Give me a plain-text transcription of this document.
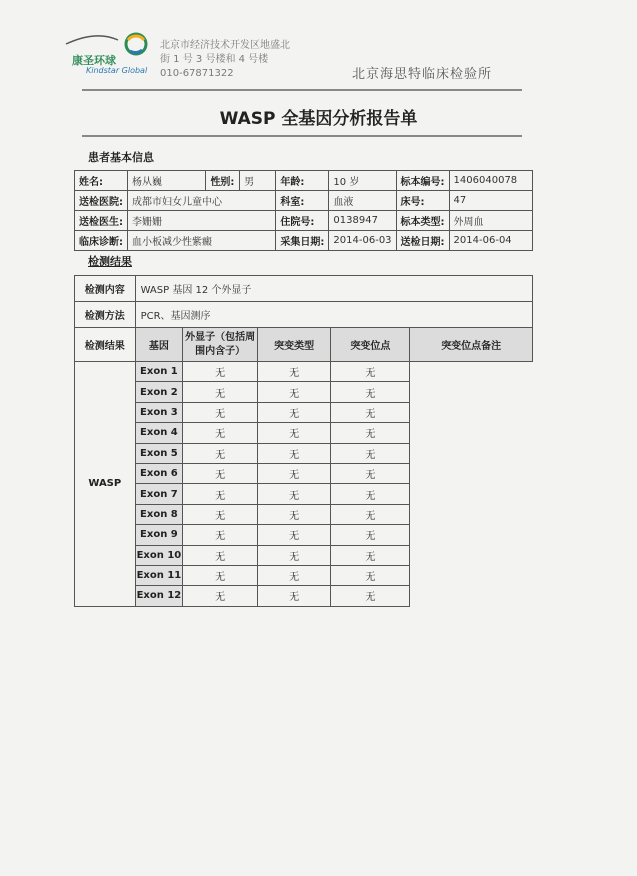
康圣环球
Kindstar Global
北京市经济技术开发区地盛北
街 1 号 3 号楼和 4 号楼
010-67871322	北京海思特临床检验所
WASP 全基因分析报告单
患者基本信息
姓名:	杨从巍	性别:	男	年龄:	10 岁	标本编号:	1406040078
送检医院:	成都市妇女儿童中心			科室:	血液	床号:	47
送检医生:	李姗姗			住院号:	0138947	标本类型:	外周血
临床诊断:	血小板减少性紫癜			采集日期:	2014-06-03	送检日期:	2014-06-04
检测结果
检测内容	WASP 基因 12 个外显子				
检测方法	PCR、基因测序				
检测结果	基因	外显子（包括周围内含子）	突变类型	突变位点	突变位点备注
WASP	Exon 1	无	无	无	
	Exon 2	无	无	无	
	Exon 3	无	无	无	
	Exon 4	无	无	无	
	Exon 5	无	无	无	
	Exon 6	无	无	无	
	Exon 7	无	无	无	
	Exon 8	无	无	无	
	Exon 9	无	无	无	
	Exon 10	无	无	无	
	Exon 11	无	无	无	
	Exon 12	无	无	无	
